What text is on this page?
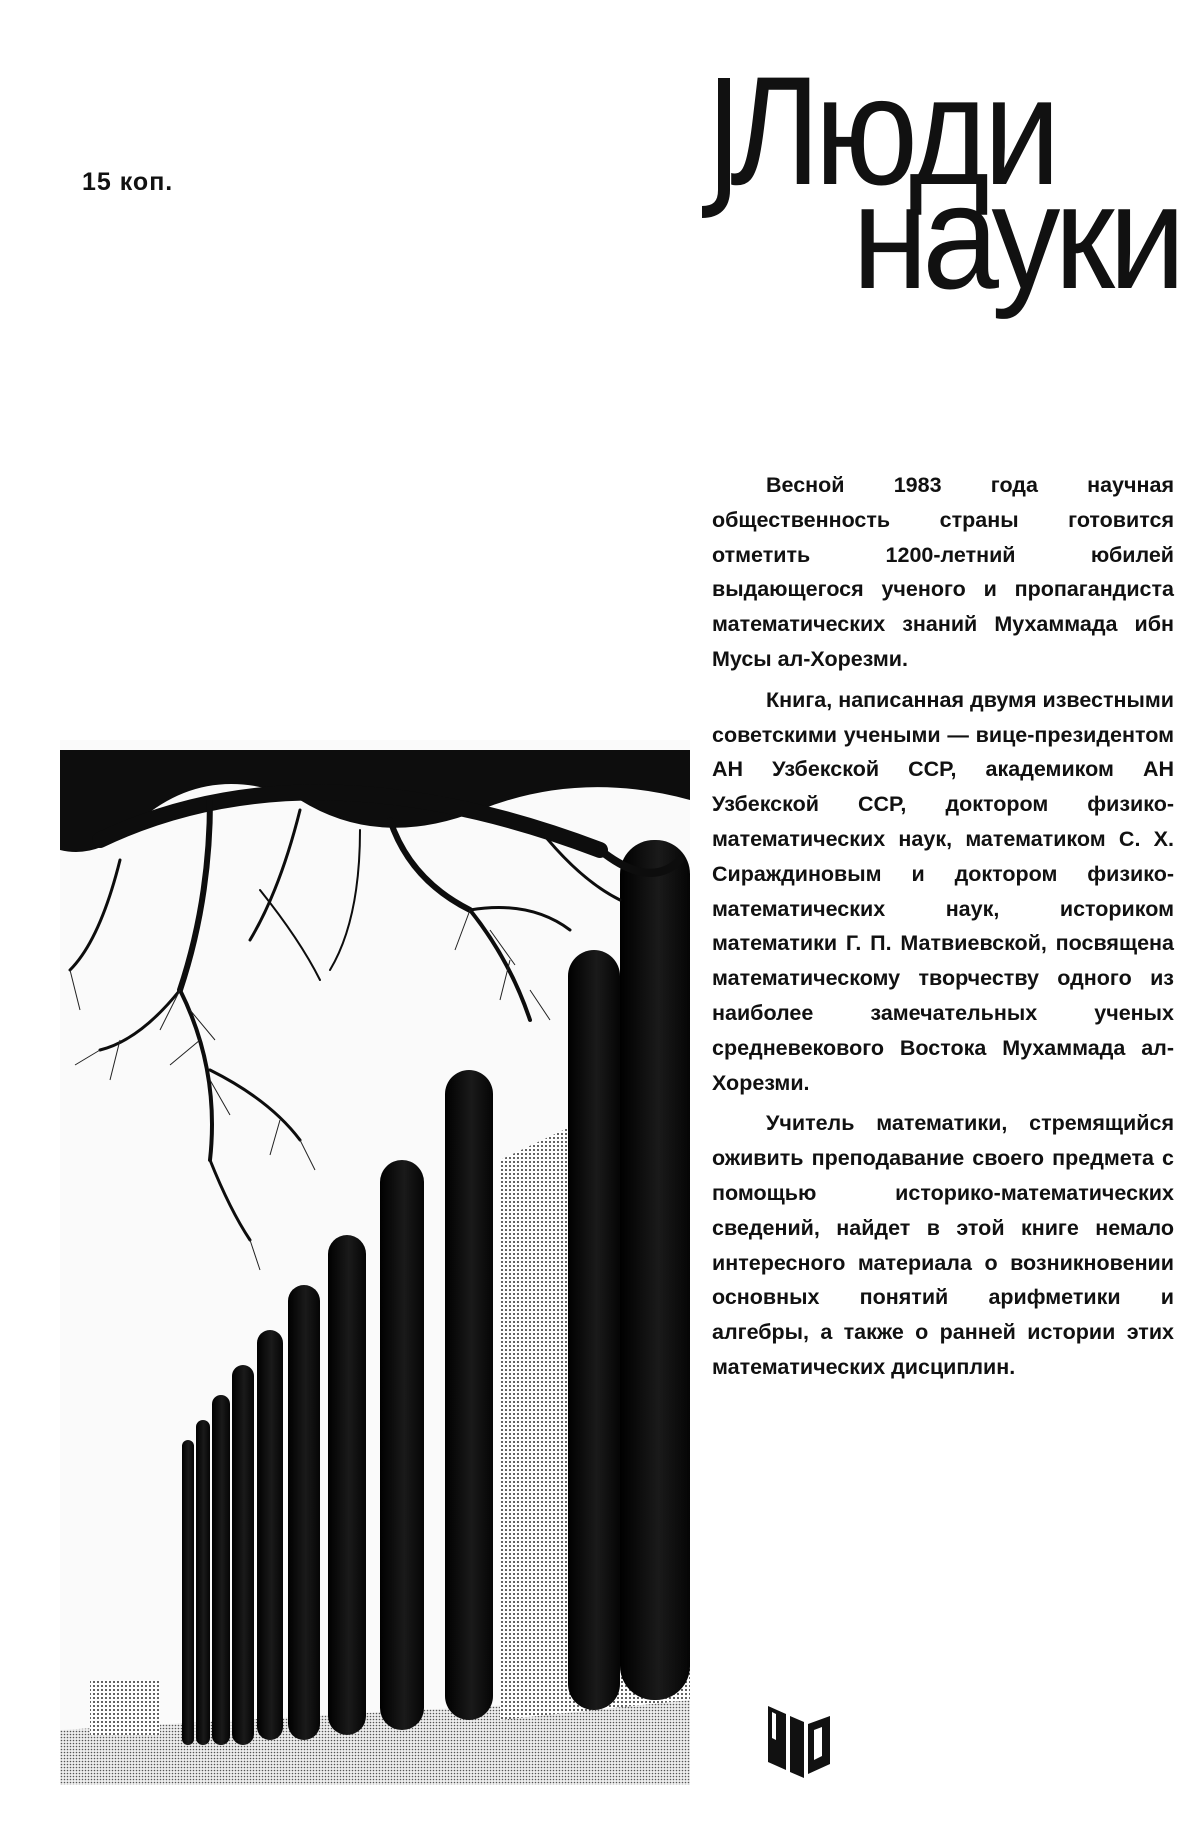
15 коп.	Люди
науки

Весной 1983 года научная общественность страны готовится отметить 1200-летний юбилей выдающегося ученого и пропагандиста математических знаний Мухаммада ибн Мусы ал-Хорезми.

Книга, написанная двумя известными советскими учеными — вице-президентом АН Узбекской ССР, академиком АН Узбекской ССР, доктором физико-математических наук, математиком С. Х. Сираждиновым и доктором физико-математических наук, историком математики Г. П. Матвиевской, посвящена математическому творчеству одного из наиболее замечательных ученых средневекового Востока Мухаммада ал-Хорезми.

Учитель математики, стремящийся оживить преподавание своего предмета с помощью историко-математических сведений, найдет в этой книге немало интересного материала о возникновении основных понятий арифметики и алгебры, а также о ранней истории этих математических дисциплин.
